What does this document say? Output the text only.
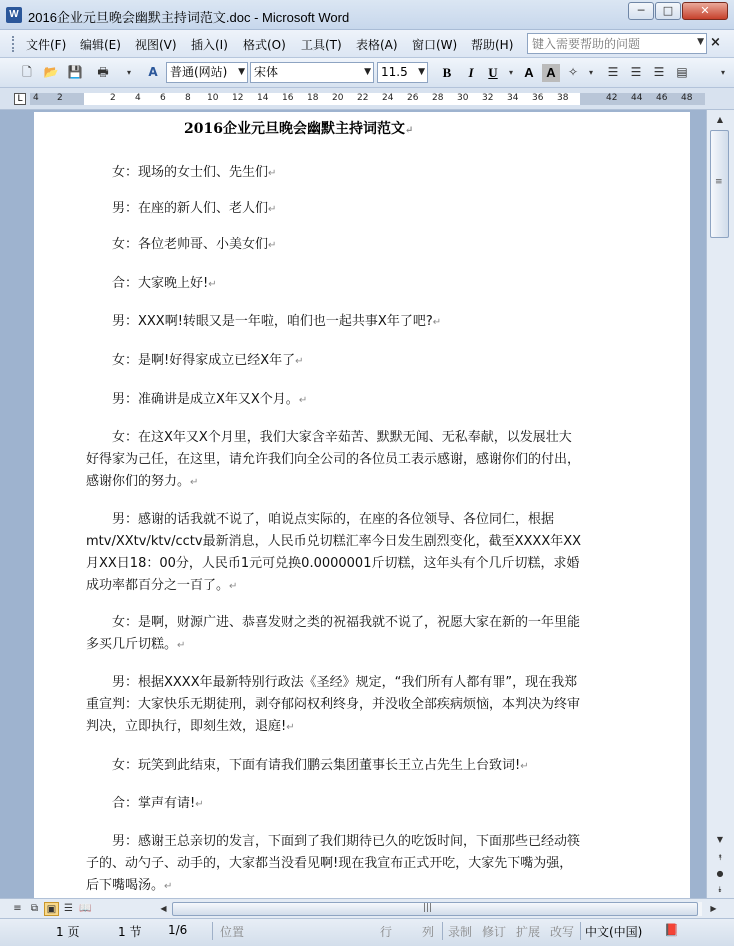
W 2016企业元旦晚会幽默主持词范文.doc - Microsoft Word	─	□	✕
文件(F) 编辑(E) 视图(V) 插入(I) 格式(O) 工具(T) 表格(A) 窗口(W) 帮助(H)
键入需要帮助的问题	▼ ×
🗋 📂 💾 🖶	▾	A	普通(网站) ▼ 宋体	▼ 11.5 ▼	B	I	U	▾ A A	✧	▾	☰	☰	☰ ▤	▾
L	4 2	2 4 6 8 10 12 14 16 18 20 22 24 26 28 30 32 34 36 38	42 44 46 48
2016企业元旦晚会幽默主持词范文↵

女：现场的女士们、先生们↵

男：在座的新人们、老人们↵

女：各位老帅哥、小美女们↵

合：大家晚上好!↵

男：XXX啊!转眼又是一年啦，咱们也一起共事X年了吧?↵

女：是啊!好得家成立已经X年了↵

男：准确讲是成立X年又X个月。↵

女：在这X年又X个月里，我们大家含辛茹苦、默默无闻、无私奉献，以发展壮大好得家为己任，在这里，请允许我们向全公司的各位员工表示感谢，感谢你们的付出，感谢你们的努力。↵

男：感谢的话我就不说了，咱说点实际的，在座的各位领导、各位同仁，根据mtv/XXtv/ktv/cctv最新消息，人民币兑切糕汇率今日发生剧烈变化，截至XXXX年XX月XX日18：00分，人民币1元可兑换0.0000001斤切糕，这年头有个几斤切糕，求婚成功率都百分之一百了。↵

女：是啊，财源广进、恭喜发财之类的祝福我就不说了，祝愿大家在新的一年里能多买几斤切糕。↵

男：根据XXXX年最新特别行政法《圣经》规定，“我们所有人都有罪”，现在我郑重宣判：大家快乐无期徒刑，剥夺郁闷权利终身，并没收全部疾病烦恼，本判决为终审判决，立即执行，即刻生效，退庭!↵

女：玩笑到此结束，下面有请我们鹏云集团董事长王立占先生上台致词!↵

合：掌声有请!↵

男：感谢王总亲切的发言，下面到了我们期待已久的吃饭时间，下面那些已经动筷子的、动勺子、动手的，大家都当没看见啊!现在我宣布正式开吃，大家先下嘴为强，后下嘴喝汤。↵

▲
≡
▼
⯭
●
⯯
≡ ⧉ ▣ ☰ 📖	◀	|||	▶
1 页	1 节 1/6	位置	行 列 录制 修订 扩展 改写 中文(中国) 📕
